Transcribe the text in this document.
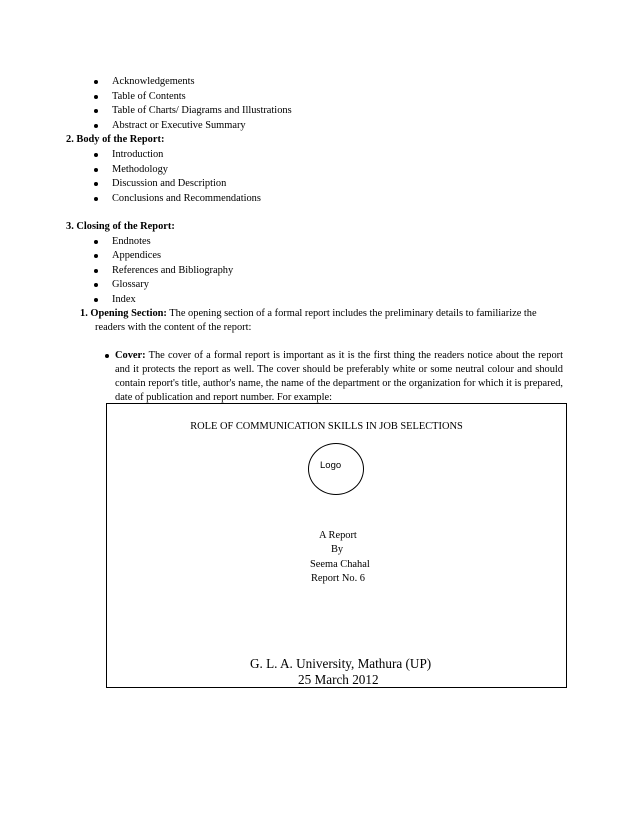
Acknowledgements
Table of Contents
Table of Charts/ Diagrams and Illustrations
Abstract or Executive Summary
2. Body of the Report:
Introduction
Methodology
Discussion and Description
Conclusions and Recommendations
3. Closing of the Report:
Endnotes
Appendices
References and Bibliography
Glossary
Index
1. Opening Section: The opening section of a formal report includes the preliminary details to familiarize the
readers with the content of the report:
Cover: The cover of a formal report is important as it is the first thing the readers notice about the report
and it protects the report as well. The cover should be preferably white or some neutral colour and should
contain report's title, author's name, the name of the department or the organization for which it is prepared,
date of publication and report number. For example:
ROLE OF COMMUNICATION SKILLS IN JOB SELECTIONS
Logo
A Report
By
Seema Chahal
Report No. 6
G. L. A. University, Mathura (UP)
25 March 2012
